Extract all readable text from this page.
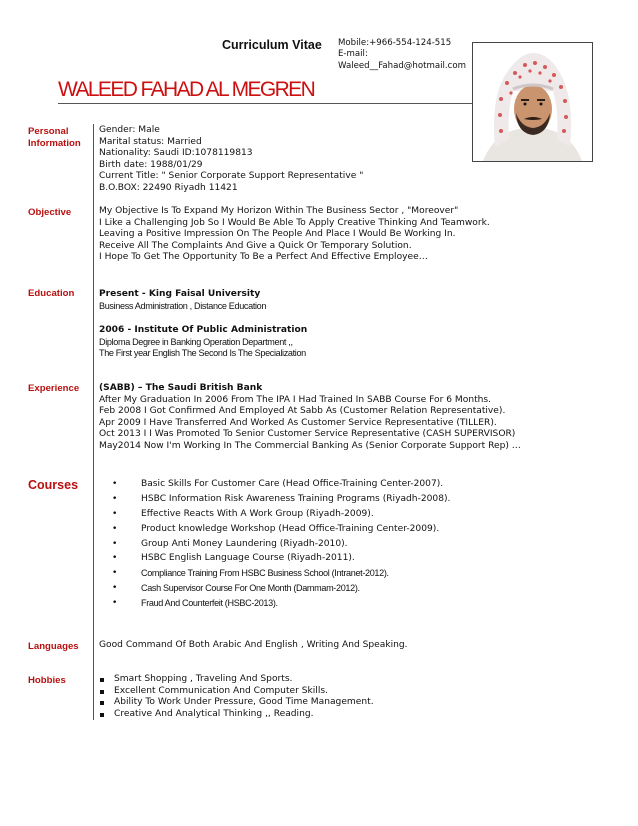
Curriculum Vitae Mobile:+966-554-124-515
E-mail:
Waleed__Fahad@hotmail.com
WALEED FAHAD AL MEGREN
Personal
Information
Gender: Male
Marital status: Married
Nationality: Saudi ID:1078119813
Birth date: 1988/01/29
Current Title: " Senior Corporate Support Representative "
B.O.BOX: 22490 Riyadh 11421
Objective	My Objective Is To Expand My Horizon Within The Business Sector , "Moreover"
I Like a Challenging Job So I Would Be Able To Apply Creative Thinking And Teamwork.
Leaving a Positive Impression On The People And Place I Would Be Working In.
Receive All The Complaints And Give a Quick Or Temporary Solution.
I Hope To Get The Opportunity To Be a Perfect And Effective Employee…
Education	Present - King Faisal University
Business Administration , Distance Education
2006 - Institute Of Public Administration
Diploma Degree in Banking Operation Department ,,
The First year English The Second Is The Specialization
Experience (SABB) – The Saudi British Bank
After My Graduation In 2006 From The IPA I Had Trained In SABB Course For 6 Months.
Feb 2008 I Got Confirmed And Employed At Sabb As (Customer Relation Representative).
Apr 2009 I Have Transferred And Worked As Customer Service Representative (TILLER).
Oct 2013 I I Was Promoted To Senior Customer Service Representative (CASH SUPERVISOR)
May2014 Now I'm Working In The Commercial Banking As (Senior Corporate Support Rep) …
Courses	•	Basic Skills For Customer Care (Head Office-Training Center-2007).
•	HSBC Information Risk Awareness Training Programs (Riyadh-2008).
•	Effective Reacts With A Work Group (Riyadh-2009).
•	Product knowledge Workshop (Head Office-Training Center-2009).
•	Group Anti Money Laundering (Riyadh-2010).
•	HSBC English Language Course (Riyadh-2011).
•	Compliance Training From HSBC Business School (Intranet-2012).
•	Cash Supervisor Course For One Month (Dammam-2012).
•	Fraud And Counterfeit (HSBC-2013).
Languages Good Command Of Both Arabic And English , Writing And Speaking.
Hobbies	Smart Shopping , Traveling And Sports.
Excellent Communication And Computer Skills.
Ability To Work Under Pressure, Good Time Management.
Creative And Analytical Thinking ,, Reading.
